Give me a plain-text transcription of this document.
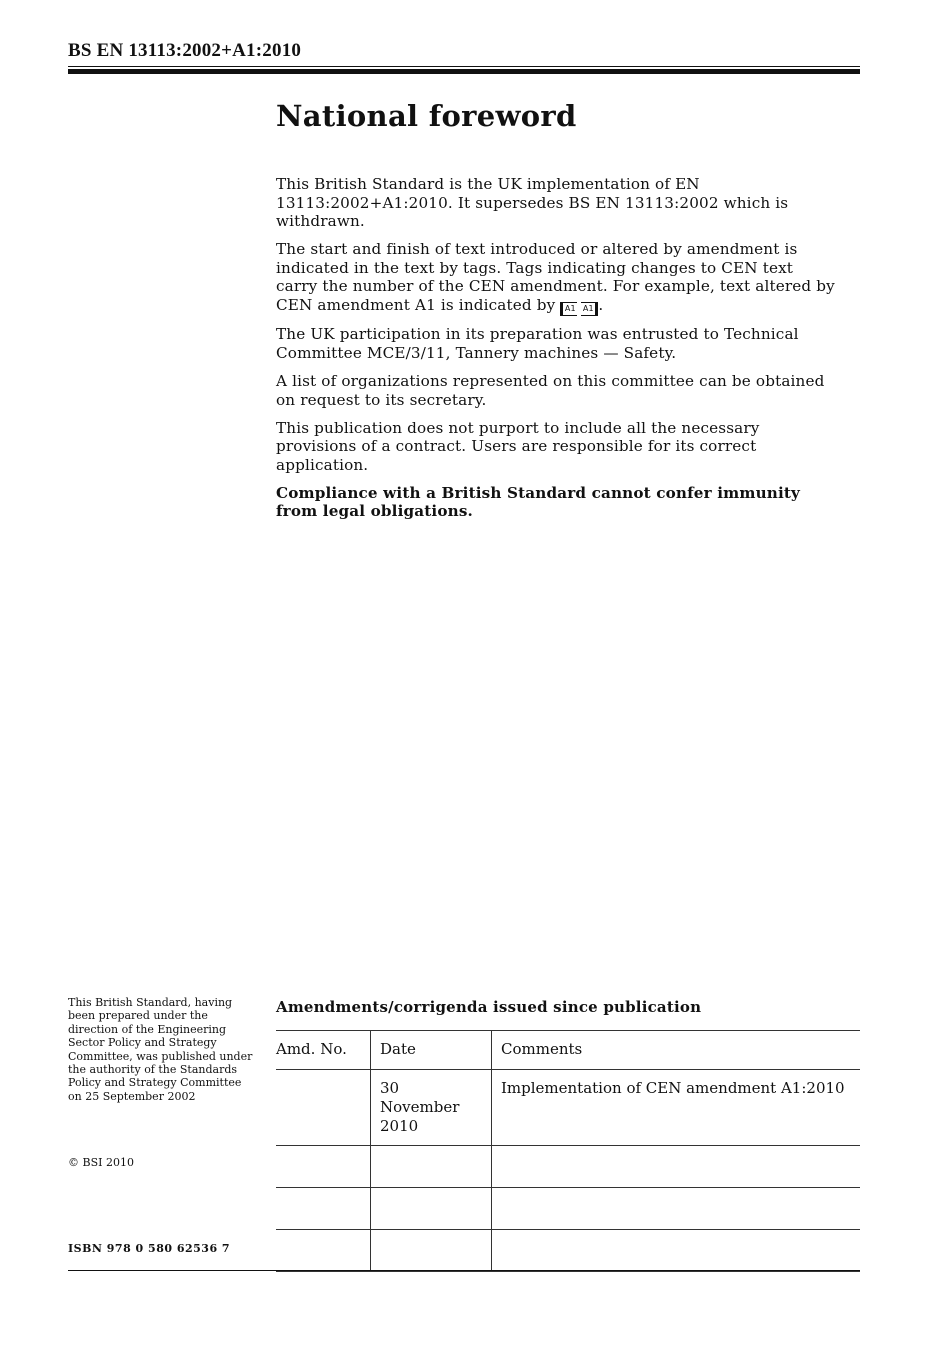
BS EN 13113:2002+A1:2010
National foreword

This British Standard is the UK implementation of EN 13113:2002+A1:2010. It supersedes BS EN 13113:2002 which is withdrawn.

The start and finish of text introduced or altered by amendment is indicated in the text by tags. Tags indicating changes to CEN text carry the number of the CEN amendment. For example, text altered by CEN amendment A1 is indicated by A1 A1 .

The UK participation in its preparation was entrusted to Technical Committee MCE/3/11, Tannery machines — Safety.

A list of organizations represented on this committee can be obtained on request to its secretary.

This publication does not purport to include all the necessary provisions of a contract. Users are responsible for its correct application.

Compliance with a British Standard cannot confer immunity from legal obligations.

This British Standard, having been prepared under the direction of the Engineering Sector Policy and Strategy Committee, was published under the authority of the Standards Policy and Strategy Committee on 25 September 2002
© BSI 2010
ISBN 978 0 580 62536 7
Amendments/corrigenda issued since publication
Amd. No.	Date	Comments
	30 November 2010	Implementation of CEN amendment A1:2010
